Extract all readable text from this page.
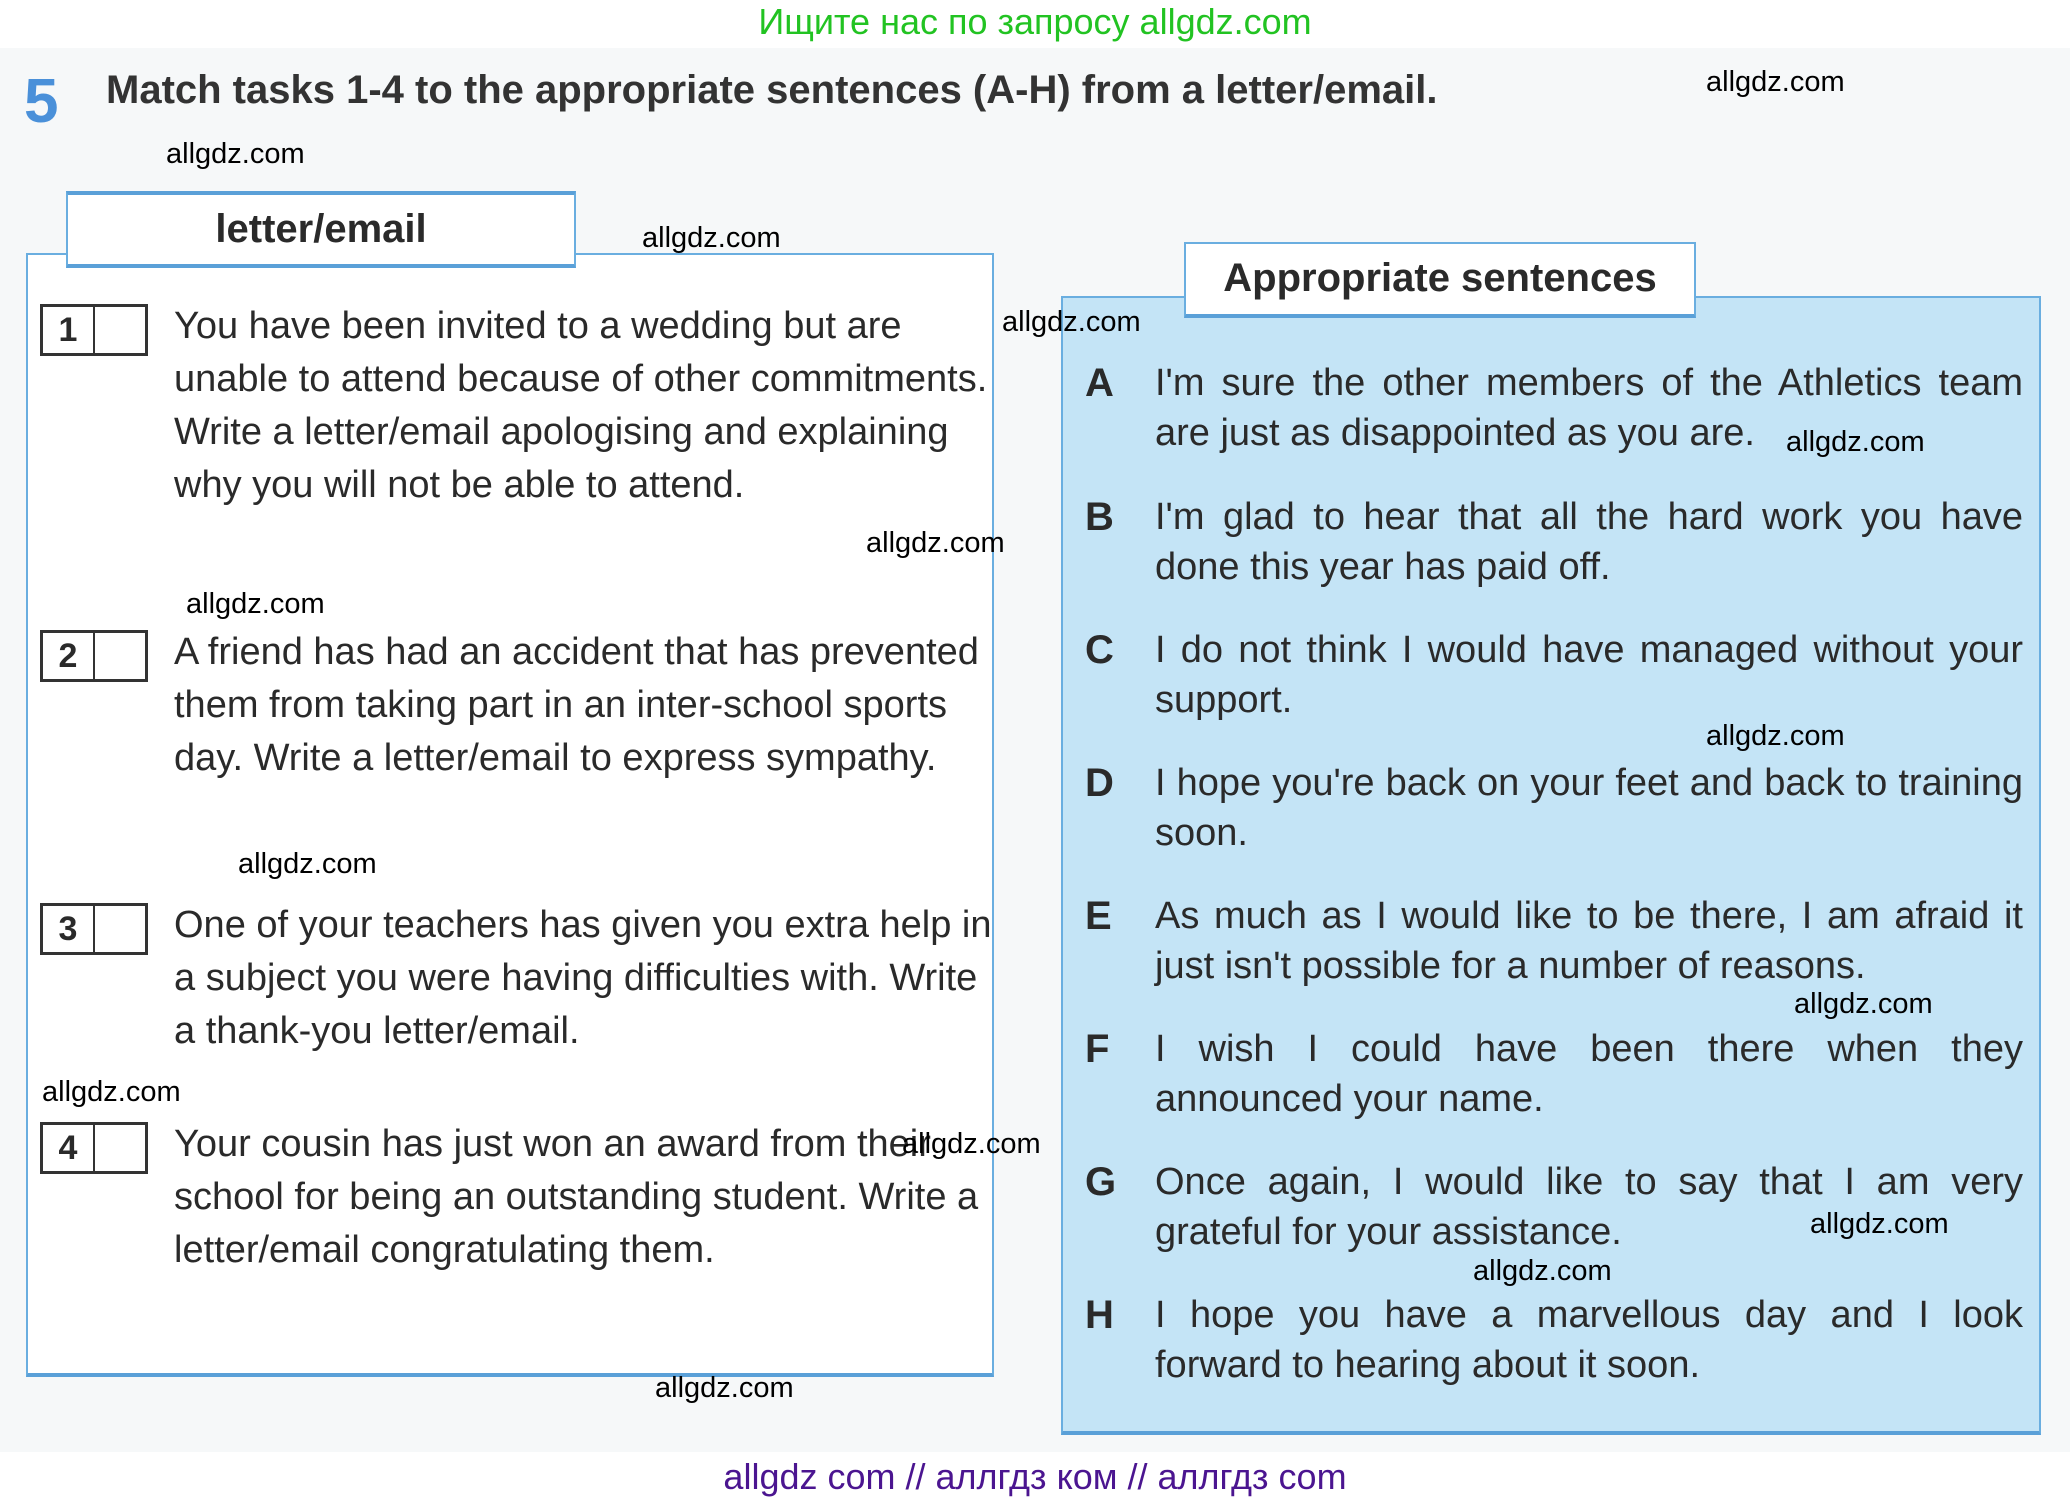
Ищите нас по запросу allgdz.com
5 Match tasks 1-4 to the appropriate sentences (A-H) from a letter/email.
letter/email
1	You have been invited to a wedding but are unable to attend because of other commitments. Write a letter/email apologising and explaining why you will not be able to attend.
2	A friend has had an accident that has prevented them from taking part in an inter-school sports day. Write a letter/email to express sympathy.
3	One of your teachers has given you extra help in a subject you were having difficulties with. Write a thank-you letter/email.
4	Your cousin has just won an award from their school for being an outstanding student. Write a letter/email congratulating them.
Appropriate sentences
A I'm sure the other members of the Athletics team are just as disappointed as you are.
B I'm glad to hear that all the hard work you have done this year has paid off.
C I do not think I would have managed without your support.
D I hope you're back on your feet and back to training soon.
E As much as I would like to be there, I am afraid it just isn't possible for a number of reasons.
F I wish I could have been there when they announced your name.
G Once again, I would like to say that I am very grateful for your assistance.
H I hope you have a marvellous day and I look forward to hearing about it soon.
allgdz.com
allgdz.com
allgdz.com
allgdz.com
allgdz.com
allgdz.com
allgdz.com
allgdz.com
allgdz.com
allgdz.com
allgdz.com
allgdz.com
allgdz.com
allgdz.com
allgdz.com
allgdz com // аллгдз ком // аллгдз com
